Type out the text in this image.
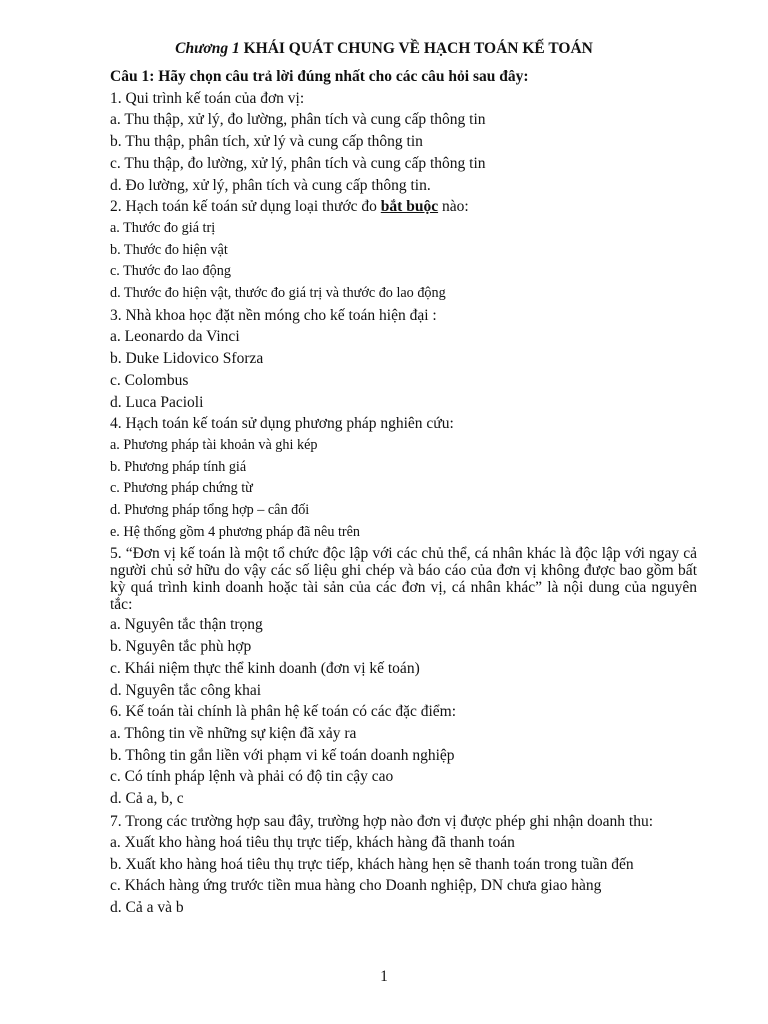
Chương 1 KHÁI QUÁT CHUNG VỀ HẠCH TOÁN KẾ TOÁN
Câu 1: Hãy chọn câu trả lời đúng nhất cho các câu hỏi sau đây:
1. Qui trình kế toán của đơn vị:
a. Thu thập, xử lý, đo lường, phân tích và cung cấp thông tin
b. Thu thập, phân tích, xử lý và cung cấp thông tin
c. Thu thập, đo lường, xử lý, phân tích và cung cấp thông tin
d. Đo lường, xử lý, phân tích và cung cấp thông tin.
2. Hạch toán kế toán sử dụng loại thước đo bắt buộc nào:
a. Thước đo giá trị
b. Thước đo hiện vật
c. Thước đo lao động
d. Thước đo hiện vật, thước đo giá trị và thước đo lao động
3. Nhà khoa học đặt nền móng cho kế toán hiện đại :
a. Leonardo da Vinci
b. Duke Lidovico Sforza
c. Colombus
d. Luca Pacioli
4. Hạch toán kế toán sử dụng phương pháp nghiên cứu:
a. Phương pháp tài khoản và ghi kép
b. Phương pháp tính giá
c. Phương pháp chứng từ
d. Phương pháp tổng hợp – cân đối
e. Hệ thống gồm 4 phương pháp đã nêu trên
5. “Đơn vị kế toán là một tổ chức độc lập với các chủ thể, cá nhân khác là độc lập với ngay cả người chủ sở hữu do vậy các số liệu ghi chép và báo cáo của đơn vị không được bao gồm bất kỳ quá trình kinh doanh hoặc tài sản của các đơn vị, cá nhân khác” là nội dung của nguyên tắc:
a. Nguyên tắc thận trọng
b. Nguyên tắc phù hợp
c. Khái niệm thực thể kinh doanh (đơn vị kế toán)
d. Nguyên tắc công khai
6. Kế toán tài chính là phân hệ kế toán có các đặc điểm:
a. Thông tin về những sự kiện đã xảy ra
b. Thông tin gắn liền với phạm vi kế toán doanh nghiệp
c. Có tính pháp lệnh và phải có độ tin cậy cao
d. Cả a, b, c
7. Trong các trường hợp sau đây, trường hợp nào đơn vị được phép ghi nhận doanh thu:
a. Xuất kho hàng hoá tiêu thụ trực tiếp, khách hàng đã thanh toán
b. Xuất kho hàng hoá tiêu thụ trực tiếp, khách hàng hẹn sẽ thanh toán trong tuần đến
c. Khách hàng ứng trước tiền mua hàng cho Doanh nghiệp, DN chưa giao hàng
d. Cả a và b
1
